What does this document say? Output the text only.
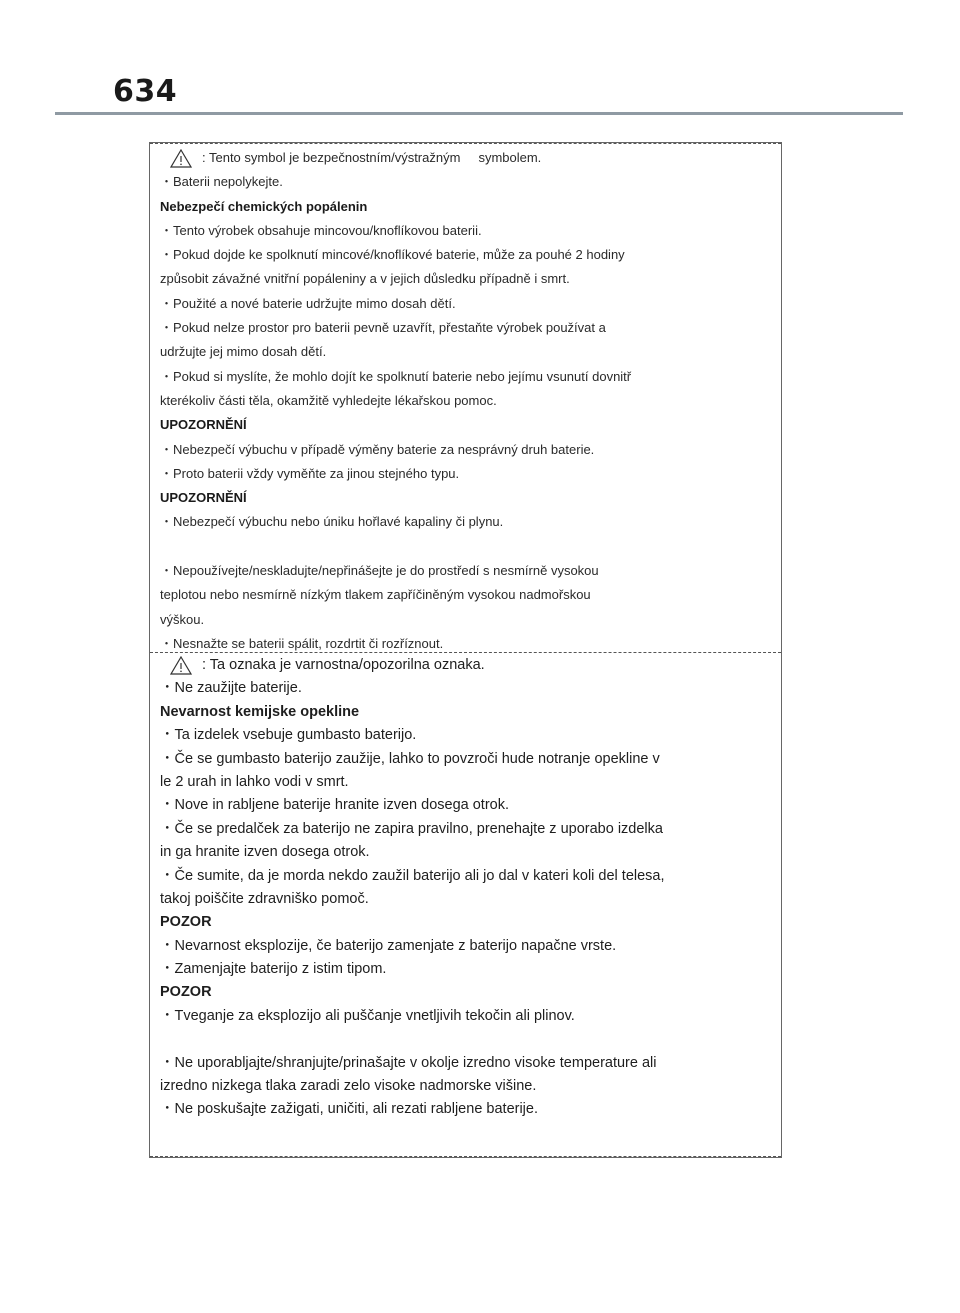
634
: Tento symbol je bezpečnostním/výstražným symbolem.
・Baterii nepolykejte.
Nebezpečí chemických popálenin
・Tento výrobek obsahuje mincovou/knoflíkovou baterii.
・Pokud dojde ke spolknutí mincové/knoflíkové baterie, může za pouhé 2 hodiny
způsobit závažné vnitřní popáleniny a v jejich důsledku případně i smrt.
・Použité a nové baterie udržujte mimo dosah dětí.
・Pokud nelze prostor pro baterii pevně uzavřít, přestaňte výrobek používat a
udržujte jej mimo dosah dětí.
・Pokud si myslíte, že mohlo dojít ke spolknutí baterie nebo jejímu vsunutí dovnitř
kterékoliv části těla, okamžitě vyhledejte lékařskou pomoc.
UPOZORNĚNÍ
・Nebezpečí výbuchu v případě výměny baterie za nesprávný druh baterie.
・Proto baterii vždy vyměňte za jinou stejného typu.
UPOZORNĚNÍ
・Nebezpečí výbuchu nebo úniku hořlavé kapaliny či plynu.
・Nepoužívejte/neskladujte/nepřinášejte je do prostředí s nesmírně vysokou
teplotou nebo nesmírně nízkým tlakem zapříčiněným vysokou nadmořskou
výškou.
・Nesnažte se baterii spálit, rozdrtit či rozříznout.
: Ta oznaka je varnostna/opozorilna oznaka.
・Ne zaužijte baterije.
Nevarnost kemijske opekline
・Ta izdelek vsebuje gumbasto baterijo.
・Če se gumbasto baterijo zaužije, lahko to povzroči hude notranje opekline v
le 2 urah in lahko vodi v smrt.
・Nove in rabljene baterije hranite izven dosega otrok.
・Če se predalček za baterijo ne zapira pravilno, prenehajte z uporabo izdelka
in ga hranite izven dosega otrok.
・Če sumite, da je morda nekdo zaužil baterijo ali jo dal v kateri koli del telesa,
takoj poiščite zdravniško pomoč.
POZOR
・Nevarnost eksplozije, če baterijo zamenjate z baterijo napačne vrste.
・Zamenjajte baterijo z istim tipom.
POZOR
・Tveganje za eksplozijo ali puščanje vnetljivih tekočin ali plinov.
・Ne uporabljajte/shranjujte/prinašajte v okolje izredno visoke temperature ali
izredno nizkega tlaka zaradi zelo visoke nadmorske višine.
・Ne poskušajte zažigati, uničiti, ali rezati rabljene baterije.
